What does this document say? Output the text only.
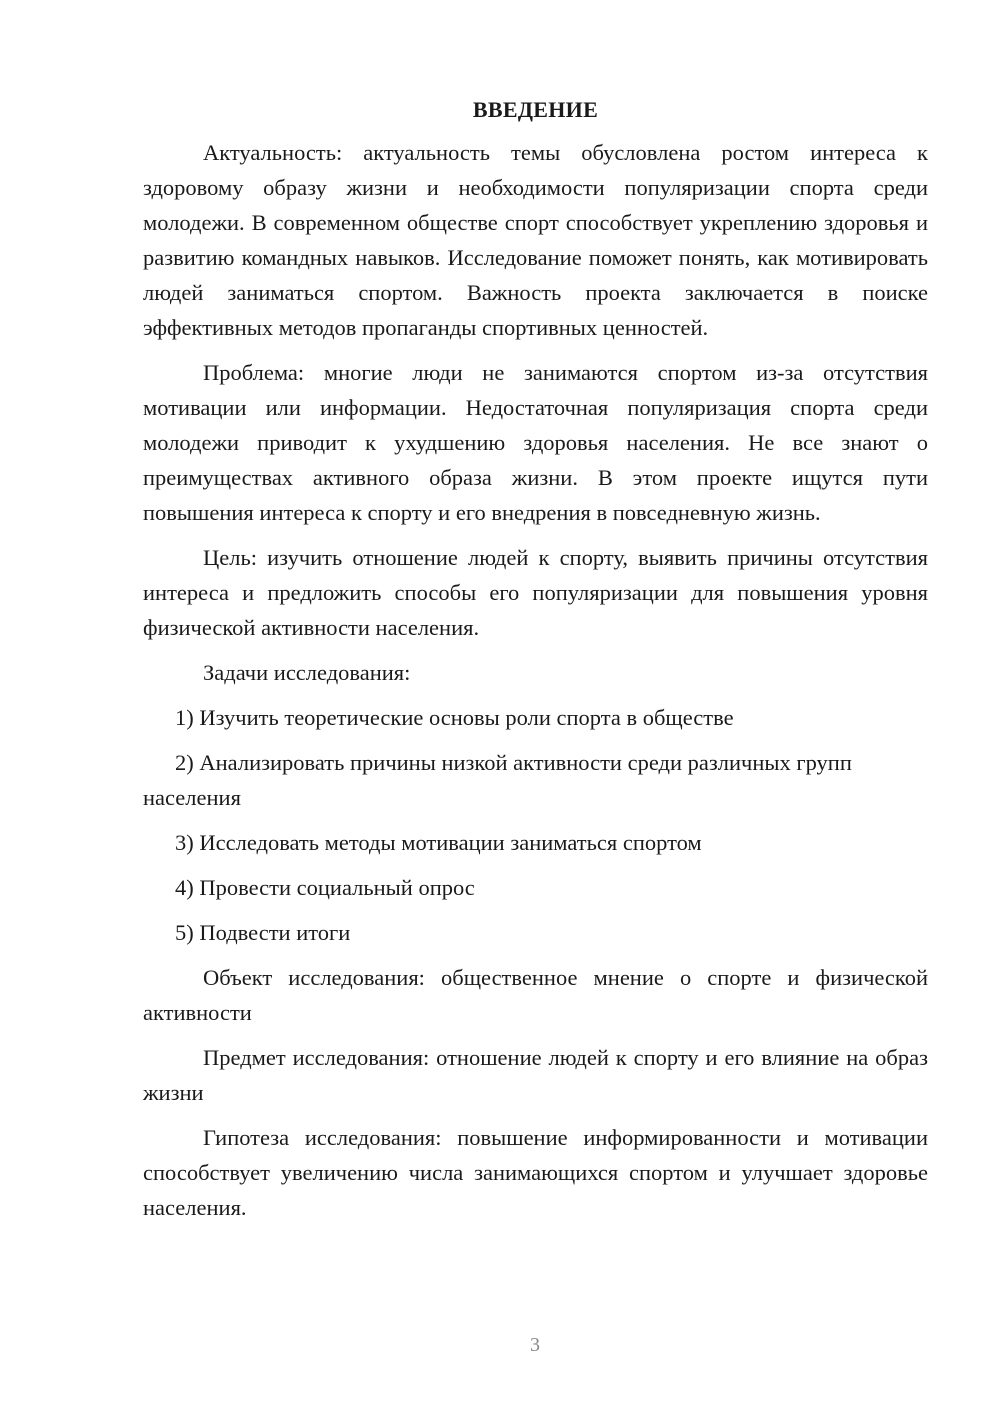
ВВЕДЕНИЕ

Актуальность: актуальность темы обусловлена ростом интереса к здоровому образу жизни и необходимости популяризации спорта среди молодежи. В современном обществе спорт способствует укреплению здоровья и развитию командных навыков. Исследование поможет понять, как мотивировать людей заниматься спортом. Важность проекта заключается в поиске эффективных методов пропаганды спортивных ценностей.

Проблема: многие люди не занимаются спортом из-за отсутствия мотивации или информации. Недостаточная популяризация спорта среди молодежи приводит к ухудшению здоровья населения. Не все знают о преимуществах активного образа жизни. В этом проекте ищутся пути повышения интереса к спорту и его внедрения в повседневную жизнь.

Цель: изучить отношение людей к спорту, выявить причины отсутствия интереса и предложить способы его популяризации для повышения уровня физической активности населения.

Задачи исследования:

1) Изучить теоретические основы роли спорта в обществе

2) Анализировать причины низкой активности среди различных групп населения

3) Исследовать методы мотивации заниматься спортом

4) Провести социальный опрос

5) Подвести итоги

Объект исследования: общественное мнение о спорте и физической активности

Предмет исследования: отношение людей к спорту и его влияние на образ жизни

Гипотеза исследования: повышение информированности и мотивации способствует увеличению числа занимающихся спортом и улучшает здоровье населения.

3
